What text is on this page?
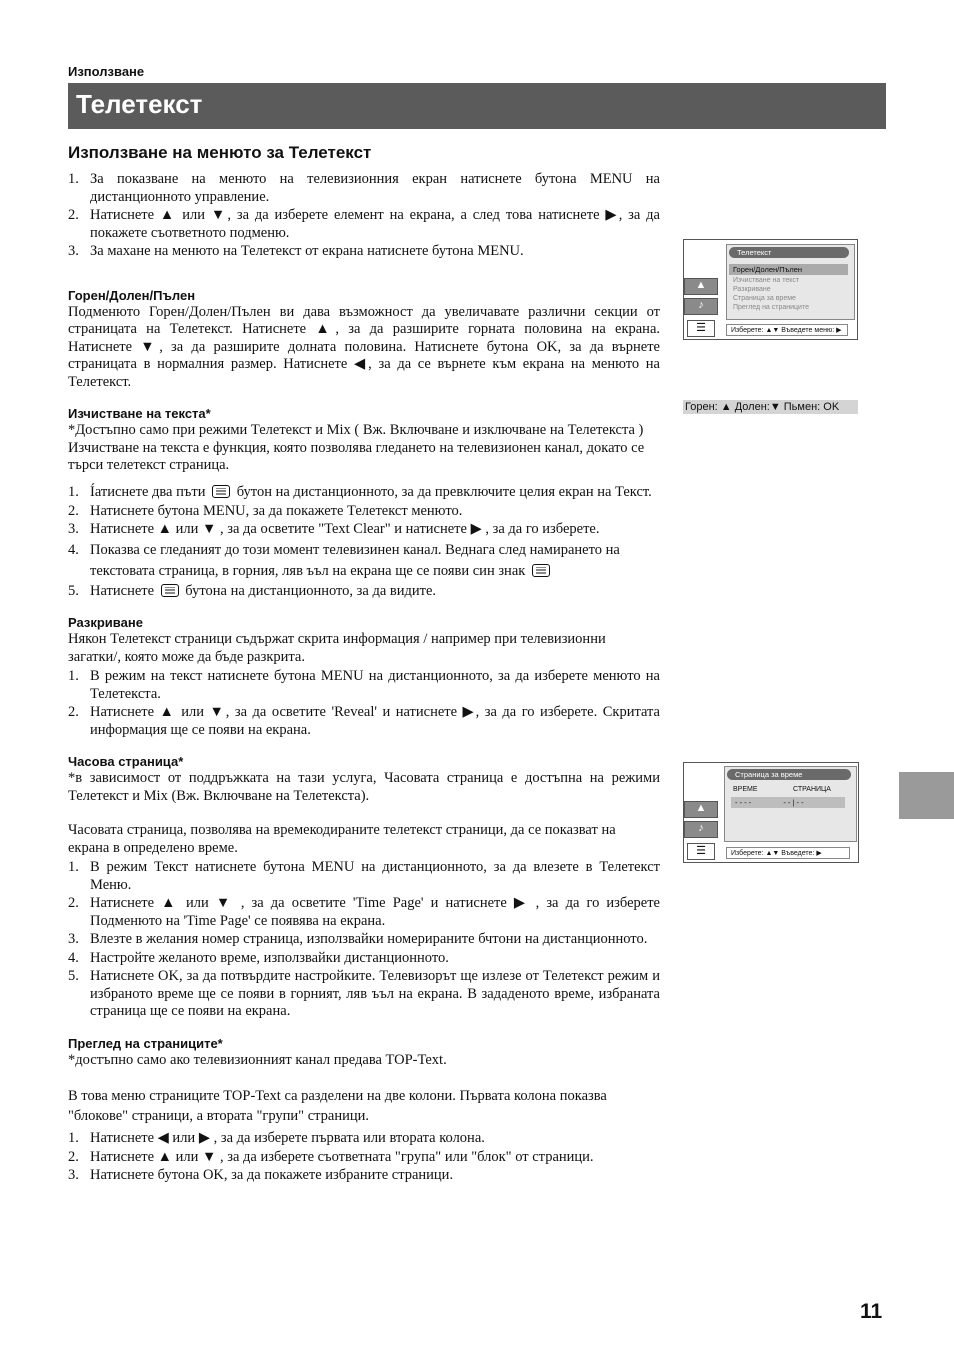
Използване
Телетекст
Използване на менюто за Телетекст
1. За показване на менюто на телевизионния екран натиснете бутона MENU на дистанционното управление.
2. Натиснете ▲ или ▼, за да изберете елемент на екрана, а след това натиснете ▶, за да покажете съответното подменю.
3. За махане на менюто на Телетекст от екрана натиснете бутона MENU.
Горен/Долен/Пълен

Подменюто Горен/Долен/Пълен ви дава възможност да увеличавате различни секции от страницата на Телетекст. Натиснете ▲, за да разширите горната половина на екрана. Натиснете ▼, за да разширите долната половина. Натиснете бутона OK, за да върнете страницата в нормалния размер. Натиснете ◀, за да се върнете към екрана на менюто на Телетекст.

Изчистване на текста*

*Достъпно само при режими Телетекст и Mix ( Вж. Включване и изключване на Телетекста )

Изчистване на текста е функция, която позволява гледането на телевизионен канал, докато се търси телетекст страница.

1. Íатиснете два пъти бутон на дистанционното, за да превключите целия екран на Текст.
2. Натиснете бутона MENU, за да покажете Телетекст менюто.
3. Натиснете ▲ или ▼ , за да осветите "Text Clear" и натиснете ▶ , за да го изберете.
4. Показва се гледаният до този момент телевизинен канал. Веднага след намирането на текстовата страница, в горния, ляв ъъл на екрана ще се появи син знак
5. Натиснете бутона на дистанционното, за да видите.
Разкриване

Някон Телетекст страници съдържат скрита информация / например при телевизионни загатки/, която може да бъде разкрита.

1. В режим на текст натиснете бутона MENU на дистанционното, за да изберете менюто на Телетекста.
2. Натиснете ▲ или ▼, за да осветите 'Reveal' и натиснете ▶, за да го изберете. Скритата информация ще се появи на екрана.
Часова страница*

*в зависимост от поддръжката на тази услуга, Часовата страница е достъпна на режими Телетекст и Mix (Вж. Включване на Телетекста).

Часовата страница, позволява на времекодираните телетекст страници, да се показват на екрана в определено време.

1. В режим Текст натиснете бутона MENU на дистанционното, за да влезете в Телетекст Меню.
2. Натиснете ▲ или ▼ , за да осветите 'Time Page' и натиснете ▶ , за да го изберете Подменюто на 'Time Page' се появява на екрана.
3. Влезте в желания номер страница, използвайки номерираните бчтони на дистанционното.
4. Настройте желаното време, използвайки дистанционното.
5. Натиснете OK, за да потвърдите настройките. Телевизорът ще излезе от Телетекст режим и избраното време ще се появи в горният, ляв ъъл на екрана. В зададеното време, избраната страница ще се появи на екрана.
Преглед на страниците*

*достъпно само ако телевизионният канал предава TOP-Text.

В това меню страниците TOP-Text са разделени на две колони. Първата колона показва "блокове" страници, а втората "групи" страници.

1. Натиснете ◀ или ▶ , за да изберете първата или втората колона.
2. Натиснете ▲ или ▼ , за да изберете съответната "група" или "блок" от страници.
3. Натиснете бутона OK, за да покажете избраните страници.
▲
♪
☰
Телетекст
Горен/Долен/Пълен
Изчистване на текст
Разкриване
Страница за време
Преглед на страниците
Изберете: ▲▼ Въведете меню: ▶
Горен: ▲ Долен:▼ Пьмен: OK
▲
♪
☰
Страница за време
ВРЕМЕ	СТРАНИЦА
- - - -	- - | - -
Изберете: ▲▼ Въведете: ▶
11
